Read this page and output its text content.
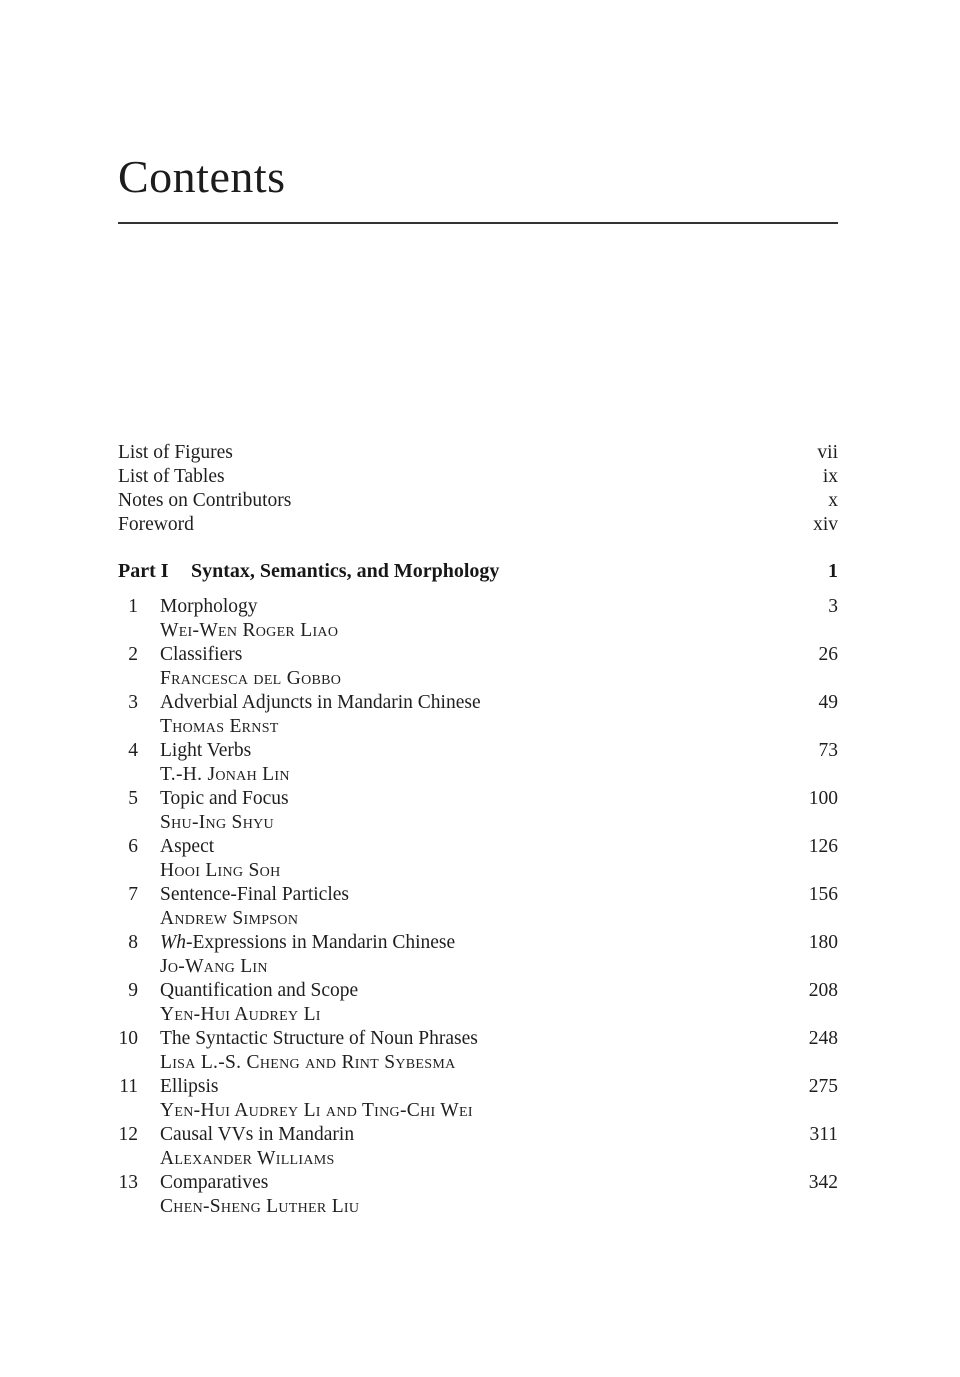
Contents
List of Figures	vii
List of Tables	ix
Notes on Contributors	x
Foreword	xiv
Part I	Syntax, Semantics, and Morphology	1
1 Morphology	3
Wei-Wen Roger Liao
2 Classifiers	26
Francesca del Gobbo
3 Adverbial Adjuncts in Mandarin Chinese	49
Thomas Ernst
4 Light Verbs	73
T.-H. Jonah Lin
5 Topic and Focus	100
Shu-Ing Shyu
6 Aspect	126
Hooi Ling Soh
7 Sentence-Final Particles	156
Andrew Simpson
8 Wh-Expressions in Mandarin Chinese	180
Jo-Wang Lin
9 Quantification and Scope	208
Yen-Hui Audrey Li
10 The Syntactic Structure of Noun Phrases	248
Lisa L.-S. Cheng and Rint Sybesma
11 Ellipsis	275
Yen-Hui Audrey Li and Ting-Chi Wei
12 Causal VVs in Mandarin	311
Alexander Williams
13 Comparatives	342
Chen-Sheng Luther Liu
